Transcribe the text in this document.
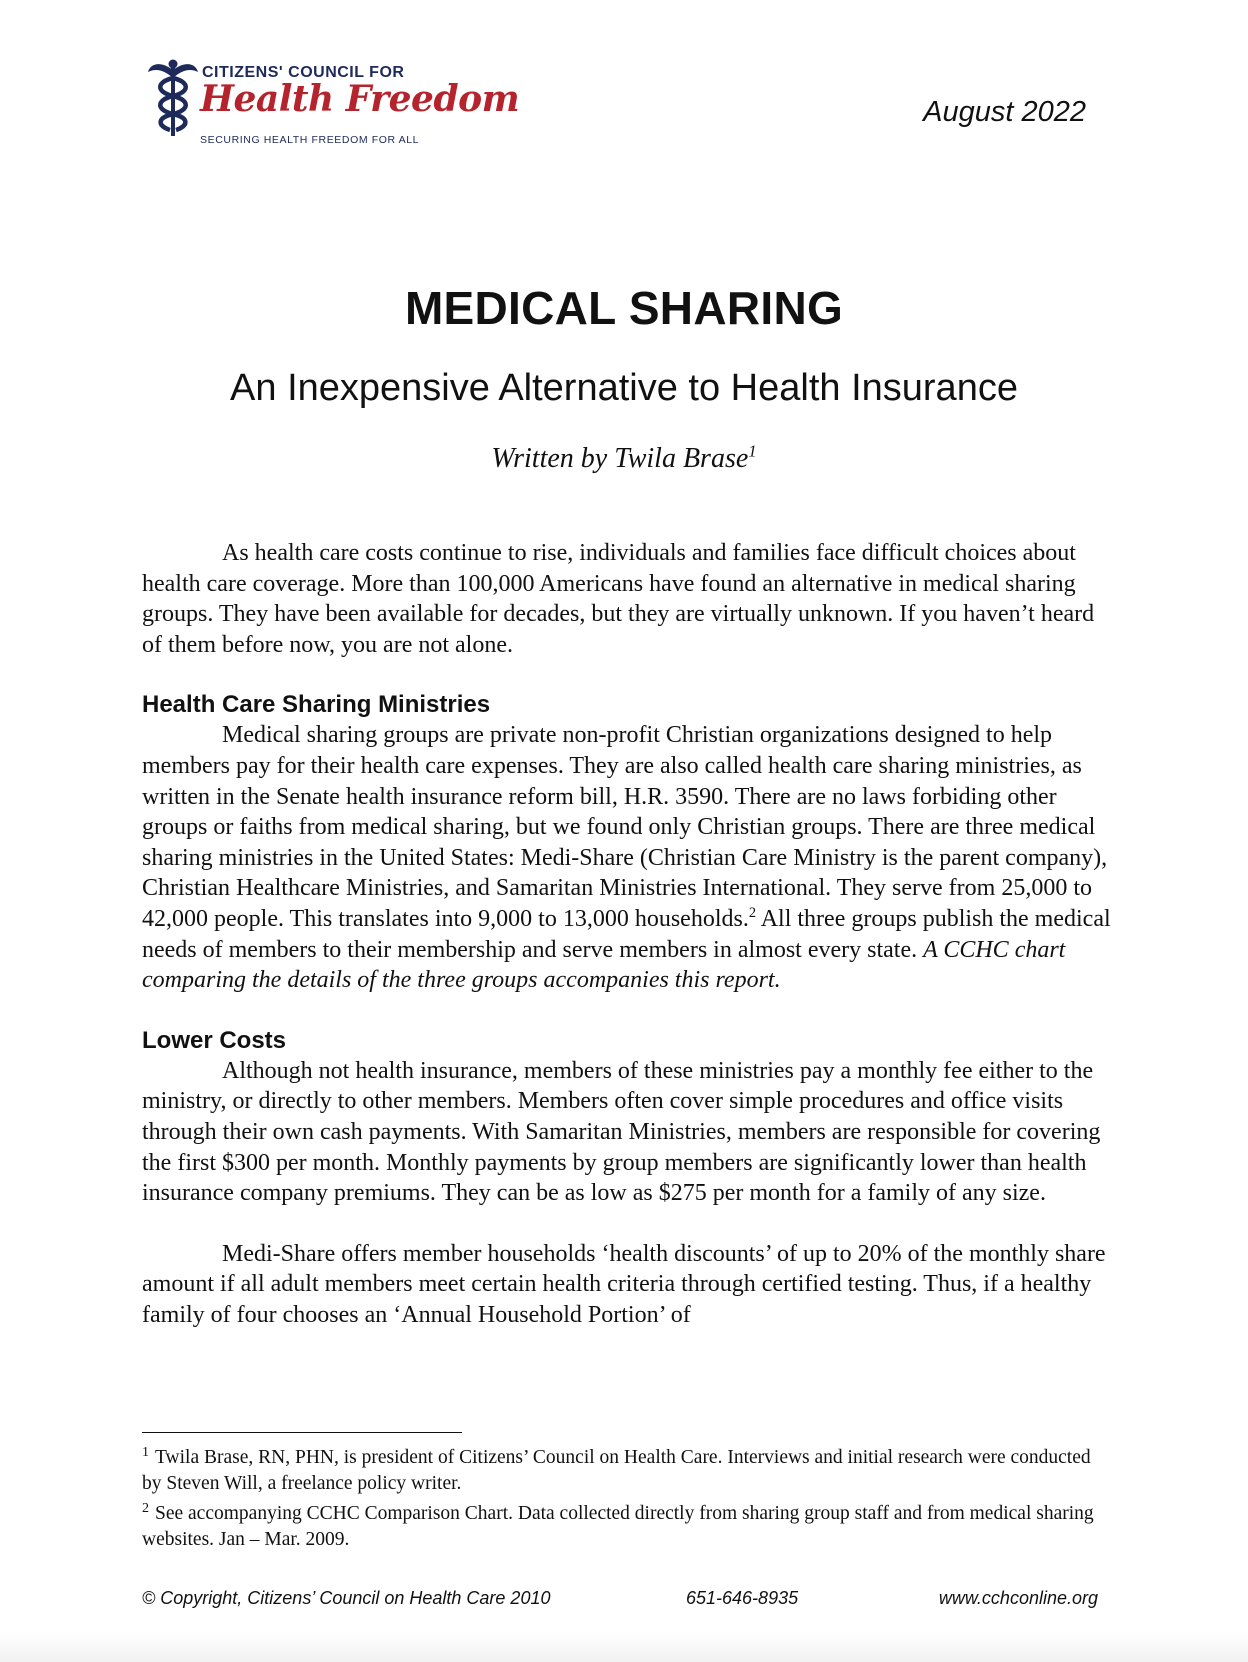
CITIZENS' COUNCIL FOR
Health Freedom
SECURING HEALTH FREEDOM FOR ALL
August 2022
MEDICAL SHARING
An Inexpensive Alternative to Health Insurance
Written by Twila Brase$^1$

As health care costs continue to rise, individuals and families face difficult choices about health care coverage. More than 100,000 Americans have found an alternative in medical sharing groups. They have been available for decades, but they are virtually unknown. If you haven’t heard of them before now, you are not alone.

Health Care Sharing Ministries

Medical sharing groups are private non-profit Christian organizations designed to help members pay for their health care expenses. They are also called health care sharing ministries, as written in the Senate health insurance reform bill, H.R. 3590. There are no laws forbiding other groups or faiths from medical sharing, but we found only Christian groups. There are three medical sharing ministries in the United States: Medi-Share (Christian Care Ministry is the parent company), Christian Healthcare Ministries, and Samaritan Ministries International. They serve from 25,000 to 42,000 people. This translates into 9,000 to 13,000 households.$^2$ All three groups publish the medical needs of members to their membership and serve members in almost every state. A CCHC chart comparing the details of the three groups accompanies this report.

Lower Costs

Although not health insurance, members of these ministries pay a monthly fee either to the ministry, or directly to other members. Members often cover simple procedures and office visits through their own cash payments. With Samaritan Ministries, members are responsible for covering the first $300 per month. Monthly payments by group members are significantly lower than health insurance company premiums. They can be as low as $275 per month for a family of any size.

Medi-Share offers member households ‘health discounts’ of up to 20% of the monthly share amount if all adult members meet certain health criteria through certified testing. Thus, if a healthy family of four chooses an ‘Annual Household Portion’ of

$^1$ Twila Brase, RN, PHN, is president of Citizens’ Council on Health Care. Interviews and initial research were conducted by Steven Will, a freelance policy writer.

$^2$ See accompanying CCHC Comparison Chart. Data collected directly from sharing group staff and from medical sharing websites. Jan – Mar. 2009.

© Copyright, Citizens’ Council on Health Care 2010	651-646-8935	www.cchconline.org
